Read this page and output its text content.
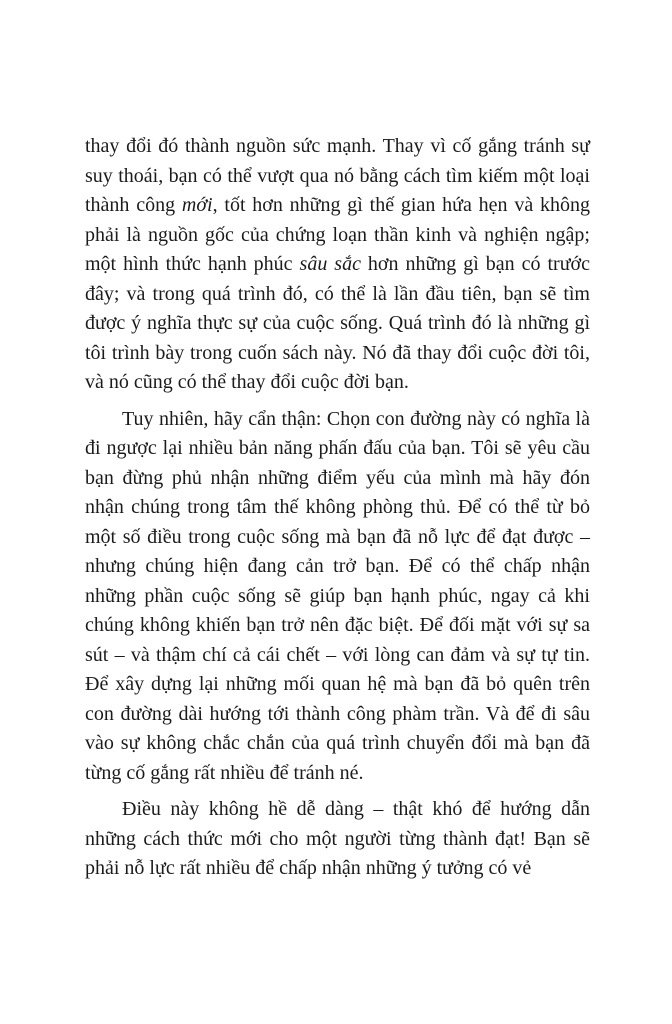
thay đổi đó thành nguồn sức mạnh. Thay vì cố gắng tránh sự suy thoái, bạn có thể vượt qua nó bằng cách tìm kiếm một loại thành công mới, tốt hơn những gì thế gian hứa hẹn và không phải là nguồn gốc của chứng loạn thần kinh và nghiện ngập; một hình thức hạnh phúc sâu sắc hơn những gì bạn có trước đây; và trong quá trình đó, có thể là lần đầu tiên, bạn sẽ tìm được ý nghĩa thực sự của cuộc sống. Quá trình đó là những gì tôi trình bày trong cuốn sách này. Nó đã thay đổi cuộc đời tôi, và nó cũng có thể thay đổi cuộc đời bạn.

Tuy nhiên, hãy cẩn thận: Chọn con đường này có nghĩa là đi ngược lại nhiều bản năng phấn đấu của bạn. Tôi sẽ yêu cầu bạn đừng phủ nhận những điểm yếu của mình mà hãy đón nhận chúng trong tâm thế không phòng thủ. Để có thể từ bỏ một số điều trong cuộc sống mà bạn đã nỗ lực để đạt được – nhưng chúng hiện đang cản trở bạn. Để có thể chấp nhận những phần cuộc sống sẽ giúp bạn hạnh phúc, ngay cả khi chúng không khiến bạn trở nên đặc biệt. Để đối mặt với sự sa sút – và thậm chí cả cái chết – với lòng can đảm và sự tự tin. Để xây dựng lại những mối quan hệ mà bạn đã bỏ quên trên con đường dài hướng tới thành công phàm trần. Và để đi sâu vào sự không chắc chắn của quá trình chuyển đổi mà bạn đã từng cố gắng rất nhiều để tránh né.

Điều này không hề dễ dàng – thật khó để hướng dẫn những cách thức mới cho một người từng thành đạt! Bạn sẽ phải nỗ lực rất nhiều để chấp nhận những ý tưởng có vẻ
